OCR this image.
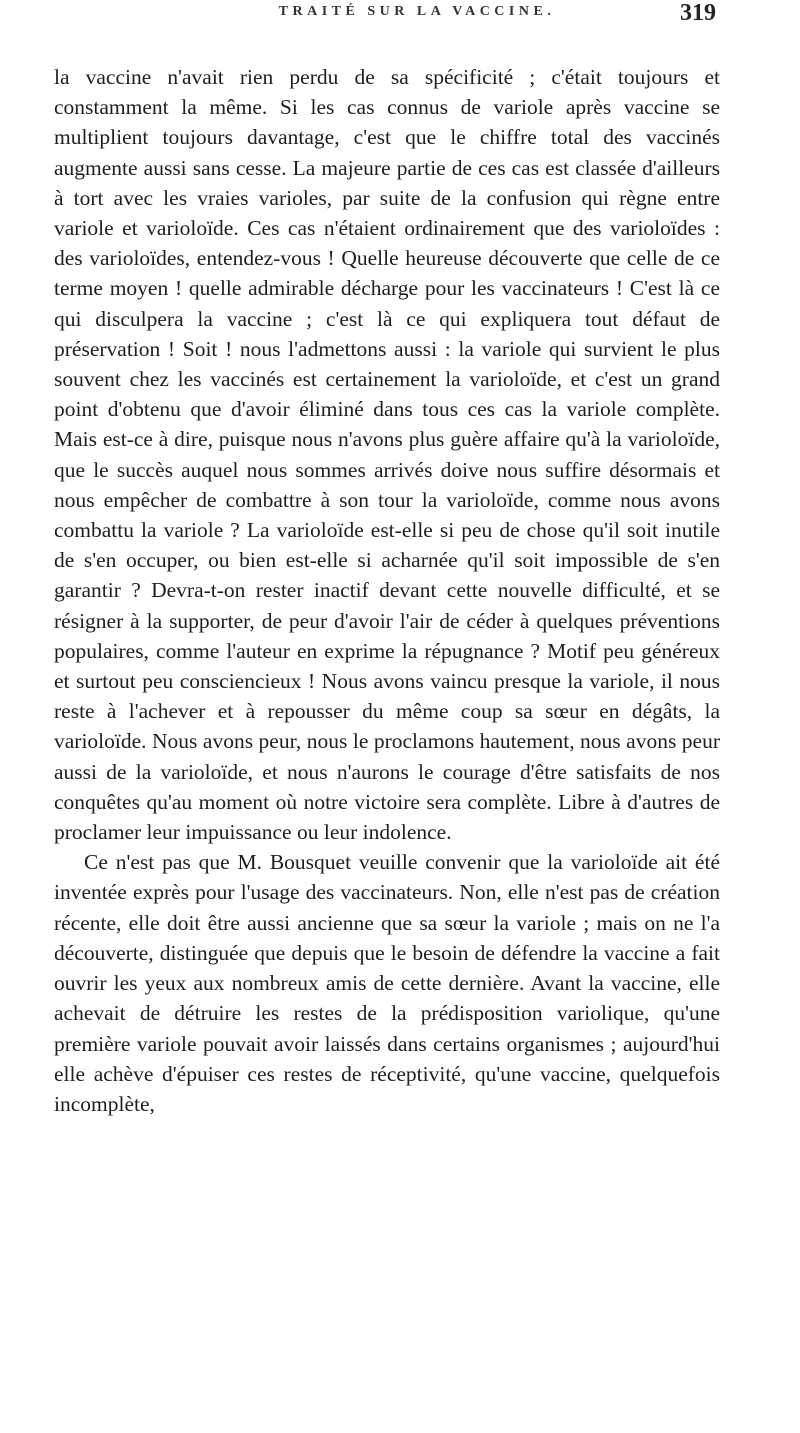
TRAITÉ SUR LA VACCINE.	319

la vaccine n'avait rien perdu de sa spécificité ; c'était toujours et constamment la même. Si les cas connus de variole après vaccine se multiplient toujours davantage, c'est que le chiffre total des vaccinés augmente aussi sans cesse. La majeure partie de ces cas est classée d'ailleurs à tort avec les vraies varioles, par suite de la confusion qui règne entre variole et varioloïde. Ces cas n'étaient ordinairement que des varioloïdes : des varioloïdes, entendez-vous ! Quelle heureuse découverte que celle de ce terme moyen ! quelle admirable décharge pour les vaccinateurs ! C'est là ce qui disculpera la vaccine ; c'est là ce qui expliquera tout défaut de préservation ! Soit ! nous l'admettons aussi : la variole qui survient le plus souvent chez les vaccinés est certainement la varioloïde, et c'est un grand point d'obtenu que d'avoir éliminé dans tous ces cas la variole complète. Mais est-ce à dire, puisque nous n'avons plus guère affaire qu'à la varioloïde, que le succès auquel nous sommes arrivés doive nous suffire désormais et nous empêcher de combattre à son tour la varioloïde, comme nous avons combattu la variole ? La varioloïde est-elle si peu de chose qu'il soit inutile de s'en occuper, ou bien est-elle si acharnée qu'il soit impossible de s'en garantir ? Devra-t-on rester inactif devant cette nouvelle difficulté, et se résigner à la supporter, de peur d'avoir l'air de céder à quelques préventions populaires, comme l'auteur en exprime la répugnance ? Motif peu généreux et surtout peu consciencieux ! Nous avons vaincu presque la variole, il nous reste à l'achever et à repousser du même coup sa sœur en dégâts, la varioloïde. Nous avons peur, nous le proclamons hautement, nous avons peur aussi de la varioloïde, et nous n'aurons le courage d'être satisfaits de nos conquêtes qu'au moment où notre victoire sera complète. Libre à d'autres de proclamer leur impuissance ou leur indolence.

Ce n'est pas que M. Bousquet veuille convenir que la varioloïde ait été inventée exprès pour l'usage des vaccinateurs. Non, elle n'est pas de création récente, elle doit être aussi ancienne que sa sœur la variole ; mais on ne l'a découverte, distinguée que depuis que le besoin de défendre la vaccine a fait ouvrir les yeux aux nombreux amis de cette dernière. Avant la vaccine, elle achevait de détruire les restes de la prédisposition variolique, qu'une première variole pouvait avoir laissés dans certains organismes ; aujourd'hui elle achève d'épuiser ces restes de réceptivité, qu'une vaccine, quelquefois incomplète,
